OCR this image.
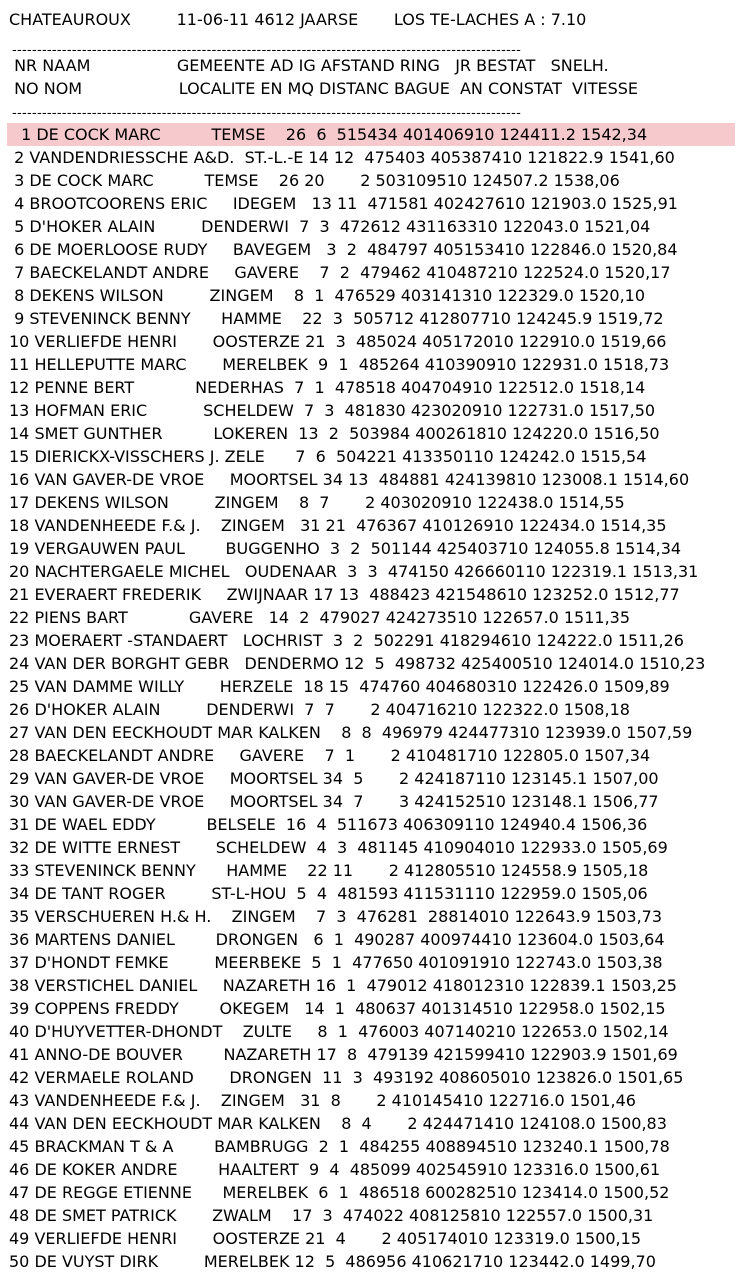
CHATEAUROUX         11-06-11 4612 JAARSE       LOS TE-LACHES A : 7.10
------------------------------------------------------------------------------------------------------
NR NAAM                 GEMEENTE AD IG AFSTAND RING   JR BESTAT   SNELH.
NO NOM                   LOCALITE EN MQ DISTANC BAGUE  AN CONSTAT  VITESSE
------------------------------------------------------------------------------------------------------
1 DE COCK MARC          TEMSE    26  6  515434 401406910 124411.2 1542,34
2 VANDENDRIESSCHE A&D.  ST.-L.-E 14 12  475403 405387410 121822.9 1541,60
3 DE COCK MARC          TEMSE    26 20       2 503109510 124507.2 1538,06
4 BROOTCOORENS ERIC     IDEGEM   13 11  471581 402427610 121903.0 1525,91
5 D'HOKER ALAIN         DENDERWI  7  3  472612 431163310 122043.0 1521,04
6 DE MOERLOOSE RUDY     BAVEGEM   3  2  484797 405153410 122846.0 1520,84
7 BAECKELANDT ANDRE     GAVERE    7  2  479462 410487210 122524.0 1520,17
8 DEKENS WILSON         ZINGEM    8  1  476529 403141310 122329.0 1520,10
9 STEVENINCK BENNY      HAMME    22  3  505712 412807710 124245.9 1519,72
10 VERLIEFDE HENRI       OOSTERZE 21  3  485024 405172010 122910.0 1519,66
11 HELLEPUTTE MARC       MERELBEK  9  1  485264 410390910 122931.0 1518,73
12 PENNE BERT            NEDERHAS  7  1  478518 404704910 122512.0 1518,14
13 HOFMAN ERIC           SCHELDEW  7  3  481830 423020910 122731.0 1517,50
14 SMET GUNTHER          LOKEREN  13  2  503984 400261810 124220.0 1516,50
15 DIERICKX-VISSCHERS J. ZELE      7  6  504221 413350110 124242.0 1515,54
16 VAN GAVER-DE VROE     MOORTSEL 34 13  484881 424139810 123008.1 1514,60
17 DEKENS WILSON         ZINGEM    8  7       2 403020910 122438.0 1514,55
18 VANDENHEEDE F.& J.    ZINGEM   31 21  476367 410126910 122434.0 1514,35
19 VERGAUWEN PAUL        BUGGENHO  3  2  501144 425403710 124055.8 1514,34
20 NACHTERGAELE MICHEL   OUDENAAR  3  3  474150 426660110 122319.1 1513,31
21 EVERAERT FREDERIK     ZWIJNAAR 17 13  488423 421548610 123252.0 1512,77
22 PIENS BART            GAVERE   14  2  479027 424273510 122657.0 1511,35
23 MOERAERT -STANDAERT   LOCHRIST  3  2  502291 418294610 124222.0 1511,26
24 VAN DER BORGHT GEBR   DENDERMO 12  5  498732 425400510 124014.0 1510,23
25 VAN DAMME WILLY       HERZELE  18 15  474760 404680310 122426.0 1509,89
26 D'HOKER ALAIN         DENDERWI  7  7       2 404716210 122322.0 1508,18
27 VAN DEN EECKHOUDT MAR KALKEN    8  8  496979 424477310 123939.0 1507,59
28 BAECKELANDT ANDRE     GAVERE    7  1       2 410481710 122805.0 1507,34
29 VAN GAVER-DE VROE     MOORTSEL 34  5       2 424187110 123145.1 1507,00
30 VAN GAVER-DE VROE     MOORTSEL 34  7       3 424152510 123148.1 1506,77
31 DE WAEL EDDY          BELSELE  16  4  511673 406309110 124940.4 1506,36
32 DE WITTE ERNEST       SCHELDEW  4  3  481145 410904010 122933.0 1505,69
33 STEVENINCK BENNY      HAMME    22 11       2 412805510 124558.9 1505,18
34 DE TANT ROGER         ST-L-HOU  5  4  481593 411531110 122959.0 1505,06
35 VERSCHUEREN H.& H.    ZINGEM    7  3  476281  28814010 122643.9 1503,73
36 MARTENS DANIEL        DRONGEN   6  1  490287 400974410 123604.0 1503,64
37 D'HONDT FEMKE         MEERBEKE  5  1  477650 401091910 122743.0 1503,38
38 VERSTICHEL DANIEL     NAZARETH 16  1  479012 418012310 122839.1 1503,25
39 COPPENS FREDDY        OKEGEM   14  1  480637 401314510 122958.0 1502,15
40 D'HUYVETTER-DHONDT    ZULTE     8  1  476003 407140210 122653.0 1502,14
41 ANNO-DE BOUVER        NAZARETH 17  8  479139 421599410 122903.9 1501,69
42 VERMAELE ROLAND       DRONGEN  11  3  493192 408605010 123826.0 1501,65
43 VANDENHEEDE F.& J.    ZINGEM   31  8       2 410145410 122716.0 1501,46
44 VAN DEN EECKHOUDT MAR KALKEN    8  4       2 424471410 124108.0 1500,83
45 BRACKMAN T & A        BAMBRUGG  2  1  484255 408894510 123240.1 1500,78
46 DE KOKER ANDRE        HAALTERT  9  4  485099 402545910 123316.0 1500,61
47 DE REGGE ETIENNE      MERELBEK  6  1  486518 600282510 123414.0 1500,52
48 DE SMET PATRICK       ZWALM    17  3  474022 408125810 122557.0 1500,31
49 VERLIEFDE HENRI       OOSTERZE 21  4       2 405174010 123319.0 1500,15
50 DE VUYST DIRK         MERELBEK 12  5  486956 410621710 123442.0 1499,70
